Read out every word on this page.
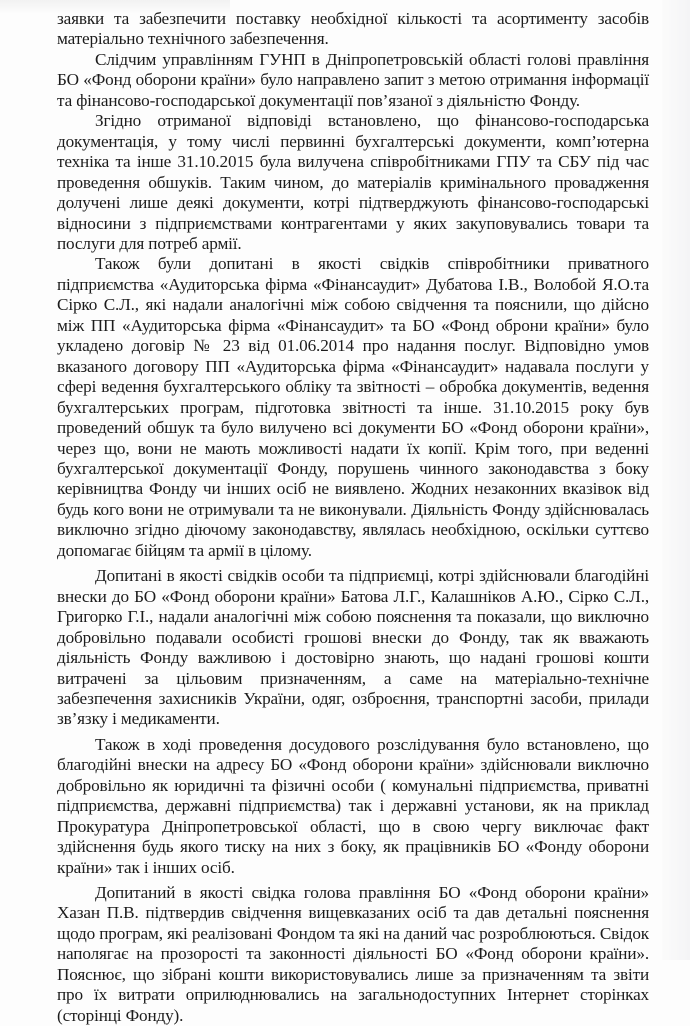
заявки та забезпечити поставку необхідної кількості та асортименту засобів матеріально технічного забезпечення.

Слідчим управлінням ГУНП в Дніпропетровській області голові правління БО «Фонд оборони країни» було направлено запит з метою отримання інформації та фінансово-господарської документації пов’язаної з діяльністю Фонду.

Згідно отриманої відповіді встановлено, що фінансово-господарська документація, у тому числі первинні бухгалтерські документи, комп’ютерна техніка та інше 31.10.2015 була вилучена співробітниками ГПУ та СБУ під час проведення обшуків. Таким чином, до матеріалів кримінального провадження долучені лише деякі документи, котрі підтверджують фінансово-господарські відносини з підприємствами контрагентами у яких закуповувались товари та послуги для потреб армії.

Також були допитані в якості свідків співробітники приватного підприємства «Аудиторська фірма «Фінансаудит» Дубатова І.В., Волобой Я.О.та Сірко С.Л., які надали аналогічні між собою свідчення та пояснили, що дійсно між ПП «Аудиторська фірма «Фінансаудит» та БО «Фонд оброни країни» було укладено договір № 23 від 01.06.2014 про надання послуг. Відповідно умов вказаного договору ПП «Аудиторська фірма «Фінансаудит» надавала послуги у сфері ведення бухгалтерського обліку та звітності – обробка документів, ведення бухгалтерських програм, підготовка звітності та інше. 31.10.2015 року був проведений обшук та було вилучено всі документи БО «Фонд оборони країни», через що, вони не мають можливості надати їх копії. Крім того, при веденні бухгалтерської документації Фонду, порушень чинного законодавства з боку керівництва Фонду чи інших осіб не виявлено. Жодних незаконних вказівок від будь кого вони не отримували та не виконували. Діяльність Фонду здійснювалась виключно згідно діючому законодавству, являлась необхідною, оскільки суттєво допомагає бійцям та армії в цілому.

Допитані в якості свідків особи та підприємці, котрі здійснювали благодійні внески до БО «Фонд оборони країни» Батова Л.Г., Калашніков А.Ю., Сірко С.Л., Григорко Г.І., надали аналогічні між собою пояснення та показали, що виключно добровільно подавали особисті грошові внески до Фонду, так як вважають діяльність Фонду важливою і достовірно знають, що надані грошові кошти витрачені за цільовим призначенням, а саме на матеріально-технічне забезпечення захисників України, одяг, озброєння, транспортні засоби, прилади зв’язку і медикаменти.

Також в ході проведення досудового розслідування було встановлено, що благодійні внески на адресу БО «Фонд оборони країни» здійснювали виключно добровільно як юридичні та фізичні особи ( комунальні підприємства, приватні підприємства, державні підприємства) так і державні установи, як на приклад Прокуратура Дніпропетровської області, що в свою чергу виключає факт здійснення будь якого тиску на них з боку, як працівників БО «Фонду оборони країни» так і інших осіб.

Допитаний в якості свідка голова правління БО «Фонд оборони країни» Хазан П.В. підтвердив свідчення вищевказаних осіб та дав детальні пояснення щодо програм, які реалізовані Фондом та які на даний час розроблюються. Свідок наполягає на прозорості та законності діяльності БО «Фонд оборони країни». Пояснює, що зібрані кошти використовувались лише за призначенням та звіти про їх витрати оприлюднювались на загальнодоступних Інтернет сторінках (сторінці Фонду).
